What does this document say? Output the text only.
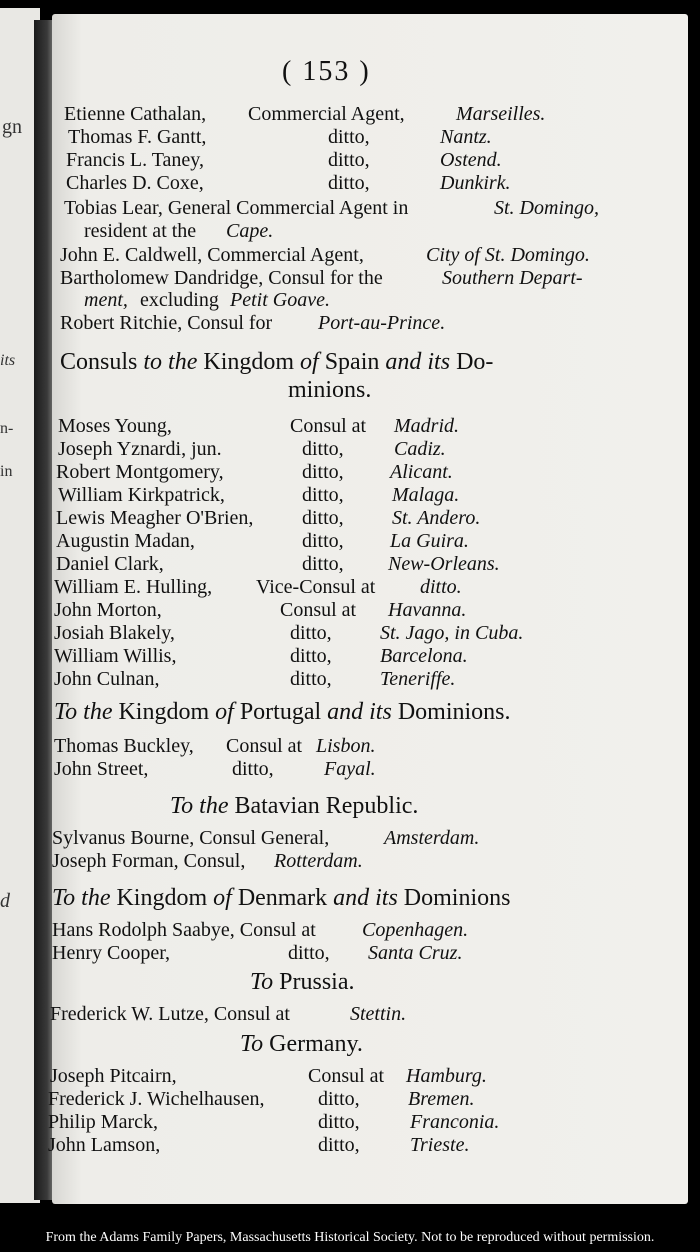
gn
its
n-
in
d
( 153 )
Etienne Cathalan, Commercial Agent,	Marseilles.
Thomas F. Gantt,	ditto,	Nantz.
Francis L. Taney,	ditto,	Ostend.
Charles D. Coxe,	ditto,	Dunkirk.
Tobias Lear, General Commercial Agent in	St. Domingo,
resident at the Cape.
John E. Caldwell, Commercial Agent,	City of St. Domingo.
Bartholomew Dandridge, Consul for the	Southern Depart-
ment, excluding Petit Goave.
Robert Ritchie, Consul for Port-au-Prince.
Consuls to the Kingdom of Spain and its Do-
minions.
Moses Young,	Consul at Madrid.
Joseph Yznardi, jun.	ditto,	Cadiz.
Robert Montgomery,	ditto, Alicant.
William Kirkpatrick,	ditto, Malaga.
Lewis Meagher O'Brien, ditto, St. Andero.
Augustin Madan,	ditto, La Guira.
Daniel Clark,	ditto, New-Orleans.
William E. Hulling, Vice-Consul at ditto.
John Morton,	Consul at Havanna.
Josiah Blakely,	ditto, St. Jago, in Cuba.
William Willis,	ditto, Barcelona.
John Culnan,	ditto, Teneriffe.
To the Kingdom of Portugal and its Dominions.
Thomas Buckley, Consul at Lisbon.
John Street,	ditto,	Fayal.
To the Batavian Republic.
Sylvanus Bourne, Consul General,	Amsterdam.
Joseph Forman, Consul, Rotterdam.
To the Kingdom of Denmark and its Dominions
Hans Rodolph Saabye, Consul at Copenhagen.
Henry Cooper,	ditto, Santa Cruz.
To Prussia.
Frederick W. Lutze, Consul at	Stettin.
To Germany.
Joseph Pitcairn,	Consul at Hamburg.
Frederick J. Wichelhausen,	ditto, Bremen.
Philip Marck,	ditto,	Franconia.
John Lamson,	ditto,	Trieste.
From the Adams Family Papers, Massachusetts Historical Society. Not to be reproduced without permission.
